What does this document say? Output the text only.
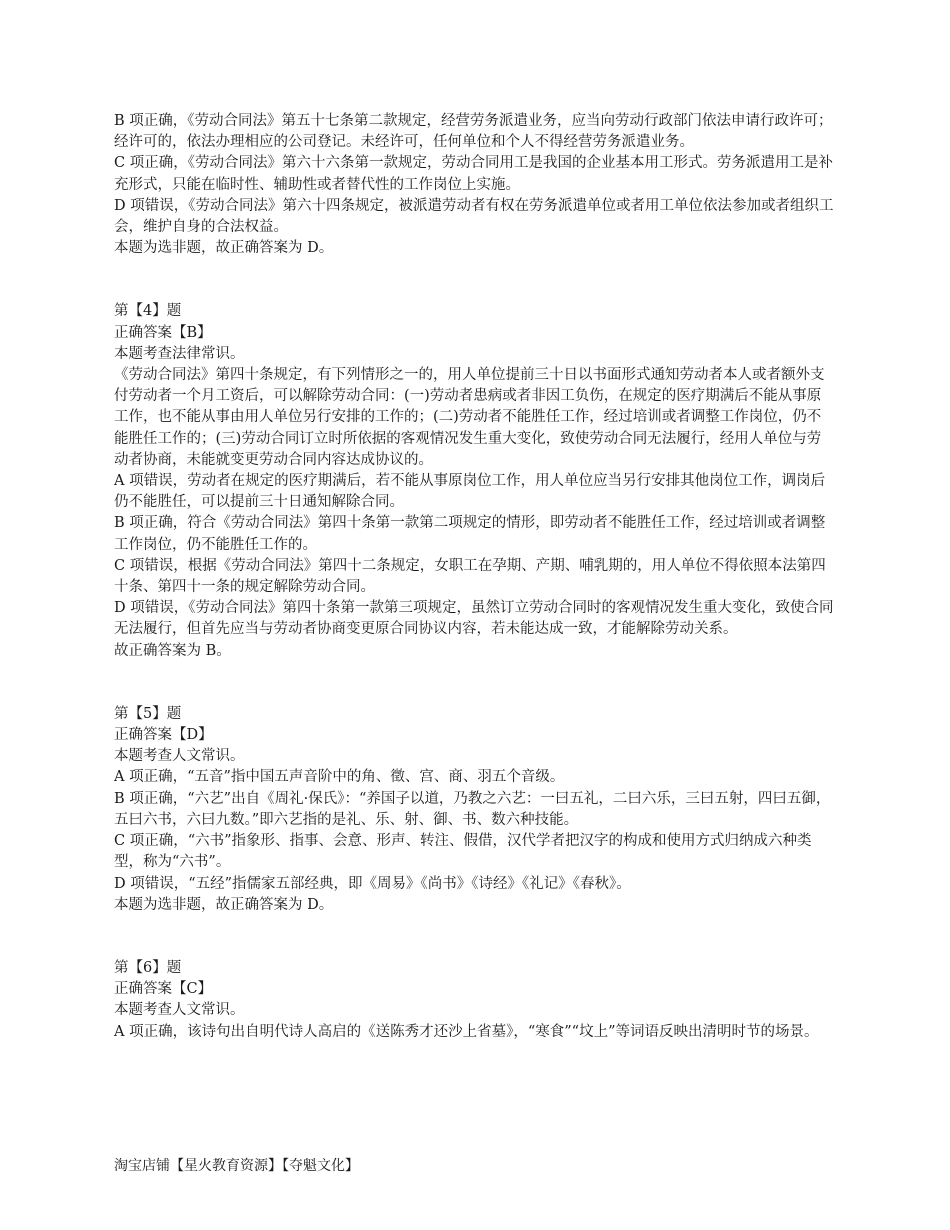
B 项正确，《劳动合同法》第五十七条第二款规定，经营劳务派遣业务，应当向劳动行政部门依法申请行政许可；经许可的，依法办理相应的公司登记。未经许可，任何单位和个人不得经营劳务派遣业务。

C 项正确，《劳动合同法》第六十六条第一款规定，劳动合同用工是我国的企业基本用工形式。劳务派遣用工是补充形式，只能在临时性、辅助性或者替代性的工作岗位上实施。

D 项错误，《劳动合同法》第六十四条规定，被派遣劳动者有权在劳务派遣单位或者用工单位依法参加或者组织工会，维护自身的合法权益。

本题为选非题，故正确答案为 D。

第【4】题

正确答案【B】

本题考查法律常识。

《劳动合同法》第四十条规定，有下列情形之一的，用人单位提前三十日以书面形式通知劳动者本人或者额外支付劳动者一个月工资后，可以解除劳动合同：(一)劳动者患病或者非因工负伤，在规定的医疗期满后不能从事原工作，也不能从事由用人单位另行安排的工作的；(二)劳动者不能胜任工作，经过培训或者调整工作岗位，仍不能胜任工作的；(三)劳动合同订立时所依据的客观情况发生重大变化，致使劳动合同无法履行，经用人单位与劳动者协商，未能就变更劳动合同内容达成协议的。

A 项错误，劳动者在规定的医疗期满后，若不能从事原岗位工作，用人单位应当另行安排其他岗位工作，调岗后仍不能胜任，可以提前三十日通知解除合同。

B 项正确，符合《劳动合同法》第四十条第一款第二项规定的情形，即劳动者不能胜任工作，经过培训或者调整工作岗位，仍不能胜任工作的。

C 项错误，根据《劳动合同法》第四十二条规定，女职工在孕期、产期、哺乳期的，用人单位不得依照本法第四十条、第四十一条的规定解除劳动合同。

D 项错误，《劳动合同法》第四十条第一款第三项规定，虽然订立劳动合同时的客观情况发生重大变化，致使合同无法履行，但首先应当与劳动者协商变更原合同协议内容，若未能达成一致，才能解除劳动关系。

故正确答案为 B。

第【5】题

正确答案【D】

本题考查人文常识。

A 项正确，“五音”指中国五声音阶中的角、徵、宫、商、羽五个音级。

B 项正确，“六艺”出自《周礼·保氏》：“养国子以道，乃教之六艺：一曰五礼，二曰六乐，三曰五射，四曰五御，五曰六书，六曰九数。”即六艺指的是礼、乐、射、御、书、数六种技能。

C 项正确，“六书”指象形、指事、会意、形声、转注、假借，汉代学者把汉字的构成和使用方式归纳成六种类型，称为“六书”。

D 项错误，“五经”指儒家五部经典，即《周易》《尚书》《诗经》《礼记》《春秋》。

本题为选非题，故正确答案为 D。

第【6】题

正确答案【C】

本题考查人文常识。

A 项正确，该诗句出自明代诗人高启的《送陈秀才还沙上省墓》，“寒食”“坟上”等词语反映出清明时节的场景。

淘宝店铺【星火教育资源】【夺魁文化】
